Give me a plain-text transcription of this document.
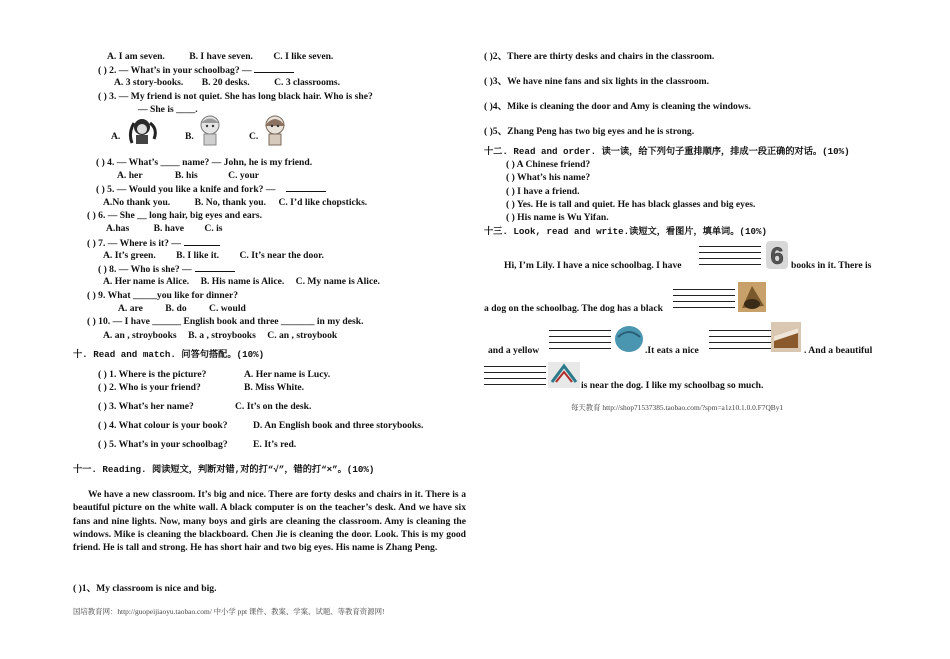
A. I am seven.	B. I have seven. C. I like seven.
( ) 2. — What’s in your schoolbag? —
A. 3 story-books. B. 20 desks.	C. 3 classrooms.
( ) 3. — My friend is not quiet. She has long black hair. Who is she?
— She is ____.
A.	B.	C.
( ) 4. — What’s ____ name? — John, he is my friend.
A. her	B. his	C. your
( ) 5. — Would you like a knife and fork? —
A.No thank you.	B. No, thank you. C. I’d like chopsticks.
( ) 6. — She __ long hair, big eyes and ears.
A.has	B. have C. is
( ) 7. — Where is it? —
A. It’s green. B. I like it. C. It’s near the door.
( ) 8. — Who is she? —
A. Her name is Alice. B. His name is Alice. C. My name is Alice.
( ) 9. What _____you like for dinner?
A. are B. do C. would
( ) 10. — I have ______ English book and three _______ in my desk.
A. an , stroybooks B. a , stroybooks C. an , stroybook
十. Read and match. 问答句搭配。(10%)
( ) 1. Where is the picture?	A. Her name is Lucy.
( ) 2. Who is your friend?	B. Miss White.
( ) 3. What’s her name?	C. It’s on the desk.
( ) 4. What colour is your book?	D. An English book and three storybooks.
( ) 5. What’s in your schoolbag?	E. It’s red.
十一. Reading. 阅读短文，判断对错,对的打“√”，错的打“×”。(10%)
We have a new classroom. It’s big and nice. There are forty desks and chairs in it. There is a beautiful picture on the white wall. A black computer is on the teacher’s desk. And we have six fans and nine lights. Now, many boys and girls are cleaning the classroom. Amy is cleaning the windows. Mike is cleaning the blackboard. Chen Jie is cleaning the door. Look. This is my good friend. He is tall and strong. He has short hair and two big eyes. His name is Zhang Peng.
( )1、My classroom is nice and big.
国培教育网：http://guopeijiaoyu.taobao.com/ 中小学 ppt 课件、教案、学案、试题、等教育资源网!
( )2、There are thirty desks and chairs in the classroom.
( )3、We have nine fans and six lights in the classroom.
( )4、Mike is cleaning the door and Amy is cleaning the windows.
( )5、Zhang Peng has two big eyes and he is strong.
十二. Read and order. 读一读，给下列句子重排顺序，排成一段正确的对话。(10%)
( ) A Chinese friend?
( ) What’s his name?
( ) I have a friend.
( ) Yes. He is tall and quiet. He has black glasses and big eyes.
( ) His name is Wu Yifan.
十三. Look, read and write.读短文，看图片，填单词。(10%)
Hi, I’m Lily. I have a nice schoolbag. I have	6 books in it. There is
a dog on the schoolbag. The dog has a black
and a yellow	.It eats a nice	. And a beautiful
is near the dog. I like my schoolbag so much.
每天教育 http://shop71537385.taobao.com/?spm=a1z10.1.0.0.F7QBy1
